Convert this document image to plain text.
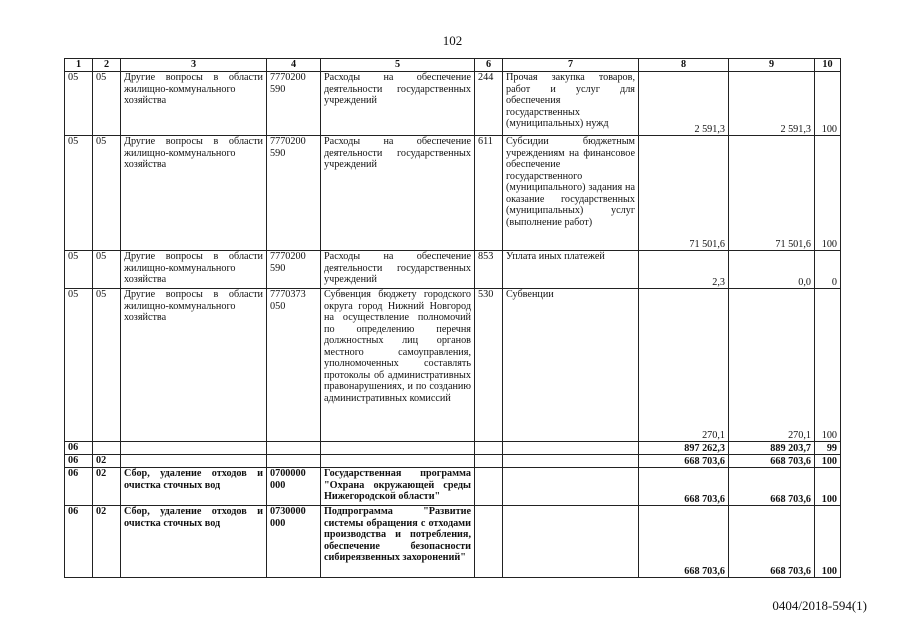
102
1	2	3	4	5	6	7	8	9	10
05	05	Другие вопросы в области жилищно-коммунального хозяйства	7770200 590	Расходы на обеспечение деятельности государственных учреждений	244	Прочая закупка товаров, работ и услуг для обеспечения государственных (муниципальных) нужд	2 591,3	2 591,3	100
05	05	Другие вопросы в области жилищно-коммунального хозяйства	7770200 590	Расходы на обеспечение деятельности государственных учреждений	611	Субсидии бюджетным учреждениям на финансовое обеспечение государственного (муниципального) задания на оказание государственных (муниципальных) услуг (выполнение работ)	71 501,6	71 501,6	100
05	05	Другие вопросы в области жилищно-коммунального хозяйства	7770200 590	Расходы на обеспечение деятельности государственных учреждений	853	Уплата иных платежей	2,3	0,0	0
05	05	Другие вопросы в области жилищно-коммунального хозяйства	7770373 050	Субвенция бюджету городского округа город Нижний Новгород на осуществление полномочий по определению перечня должностных лиц органов местного самоуправления, уполномоченных составлять протоколы об административных правонарушениях, и по созданию административных комиссий	530	Субвенции	270,1	270,1	100
06							897 262,3	889 203,7	99
06	02						668 703,6	668 703,6	100
06	02	Сбор, удаление отходов и очистка сточных вод	0700000 000	Государственная программа "Охрана окружающей среды Нижегородской области"			668 703,6	668 703,6	100
06	02	Сбор, удаление отходов и очистка сточных вод	0730000 000	Подпрограмма "Развитие системы обращения с отходами производства и потребления, обеспечение безопасности сибиреязвенных захоронений"			668 703,6	668 703,6	100
0404/2018-594(1)
